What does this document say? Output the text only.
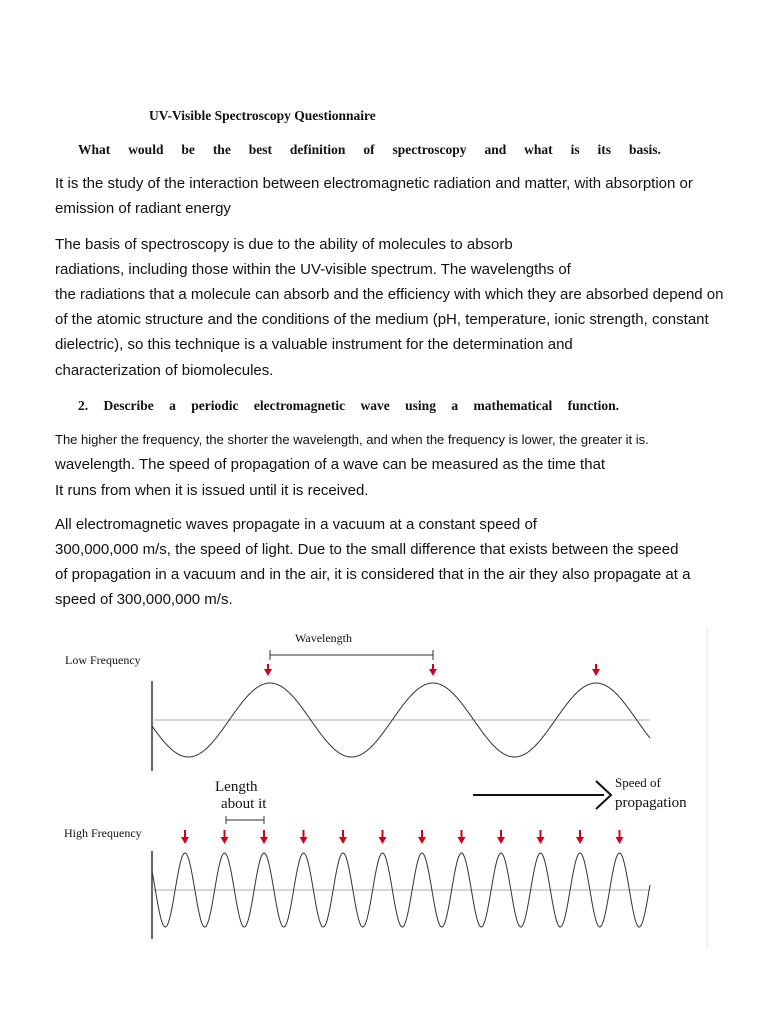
UV-Visible Spectroscopy Questionnaire

What would be the best definition of spectroscopy and what is its basis.

It is the study of the interaction between electromagnetic radiation and matter, with absorption or

emission of radiant energy

The basis of spectroscopy is due to the ability of molecules to absorb

radiations, including those within the UV-visible spectrum. The wavelengths of

the radiations that a molecule can absorb and the efficiency with which they are absorbed depend on

of the atomic structure and the conditions of the medium (pH, temperature, ionic strength, constant

dielectric), so this technique is a valuable instrument for the determination and

characterization of biomolecules.

2. Describe a periodic electromagnetic wave using a mathematical function.

The higher the frequency, the shorter the wavelength, and when the frequency is lower, the greater it is.

wavelength. The speed of propagation of a wave can be measured as the time that

It runs from when it is issued until it is received.

All electromagnetic waves propagate in a vacuum at a constant speed of

300,000,000 m/s, the speed of light. Due to the small difference that exists between the speed

of propagation in a vacuum and in the air, it is considered that in the air they also propagate at a

speed of 300,000,000 m/s.

Low Frequency
Wavelength
Length
about it
Speed of
propagation
High Frequency
